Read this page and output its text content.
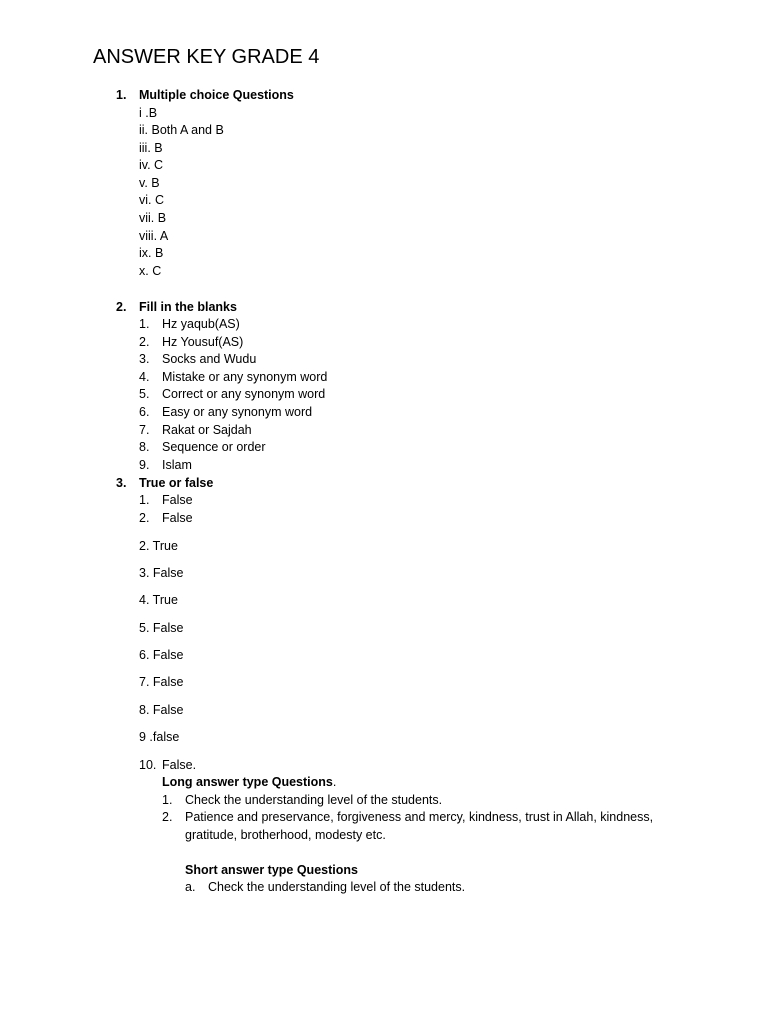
ANSWER KEY GRADE 4
1. Multiple choice Questions
i .B
ii. Both A and B
iii. B
iv. C
v. B
vi. C
vii. B
viii. A
ix. B
x. C
2. Fill in the blanks
1. Hz yaqub(AS)
2. Hz Yousuf(AS)
3. Socks and Wudu
4. Mistake or any synonym word
5. Correct or any synonym word
6. Easy or any synonym word
7. Rakat or Sajdah
8. Sequence or order
9. Islam
3. True or false
1. False
2. False
2. True
3. False
4. True
5. False
6. False
7. False
8. False
9 .false
10. False.
Long answer type Questions.
1. Check the understanding level of the students.
2. Patience and preservance, forgiveness and mercy, kindness, trust in Allah, kindness,
gratitude, brotherhood, modesty etc.
Short answer type Questions
a. Check the understanding level of the students.
